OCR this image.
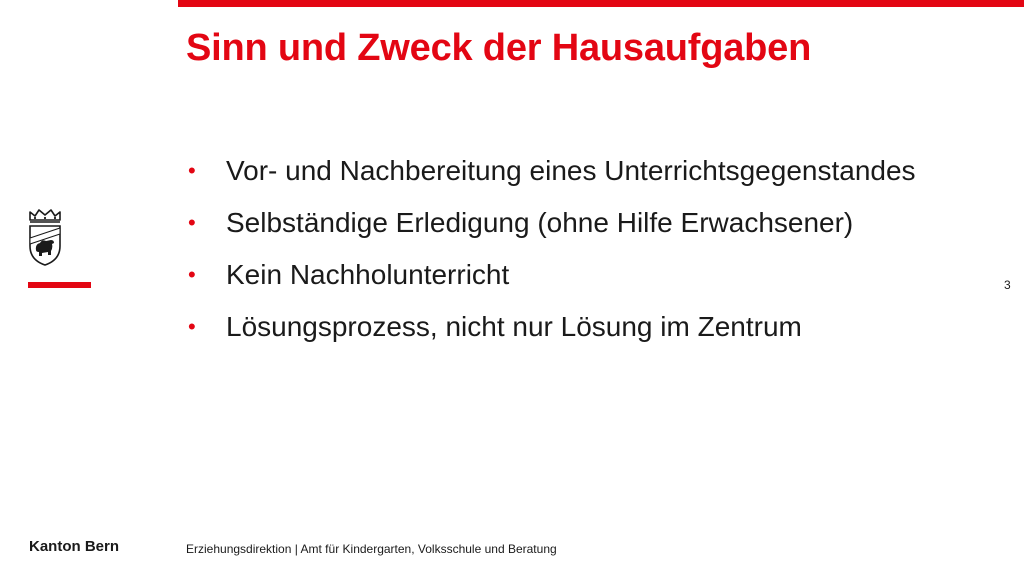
Sinn und Zweck der Hausaufgaben
• Vor- und Nachbereitung eines Unterrichtsgegenstandes
• Selbständige Erledigung (ohne Hilfe Erwachsener)
• Kein Nachholunterricht
• Lösungsprozess, nicht nur Lösung im Zentrum
3
Kanton Bern	Erziehungsdirektion | Amt für Kindergarten, Volksschule und Beratung
